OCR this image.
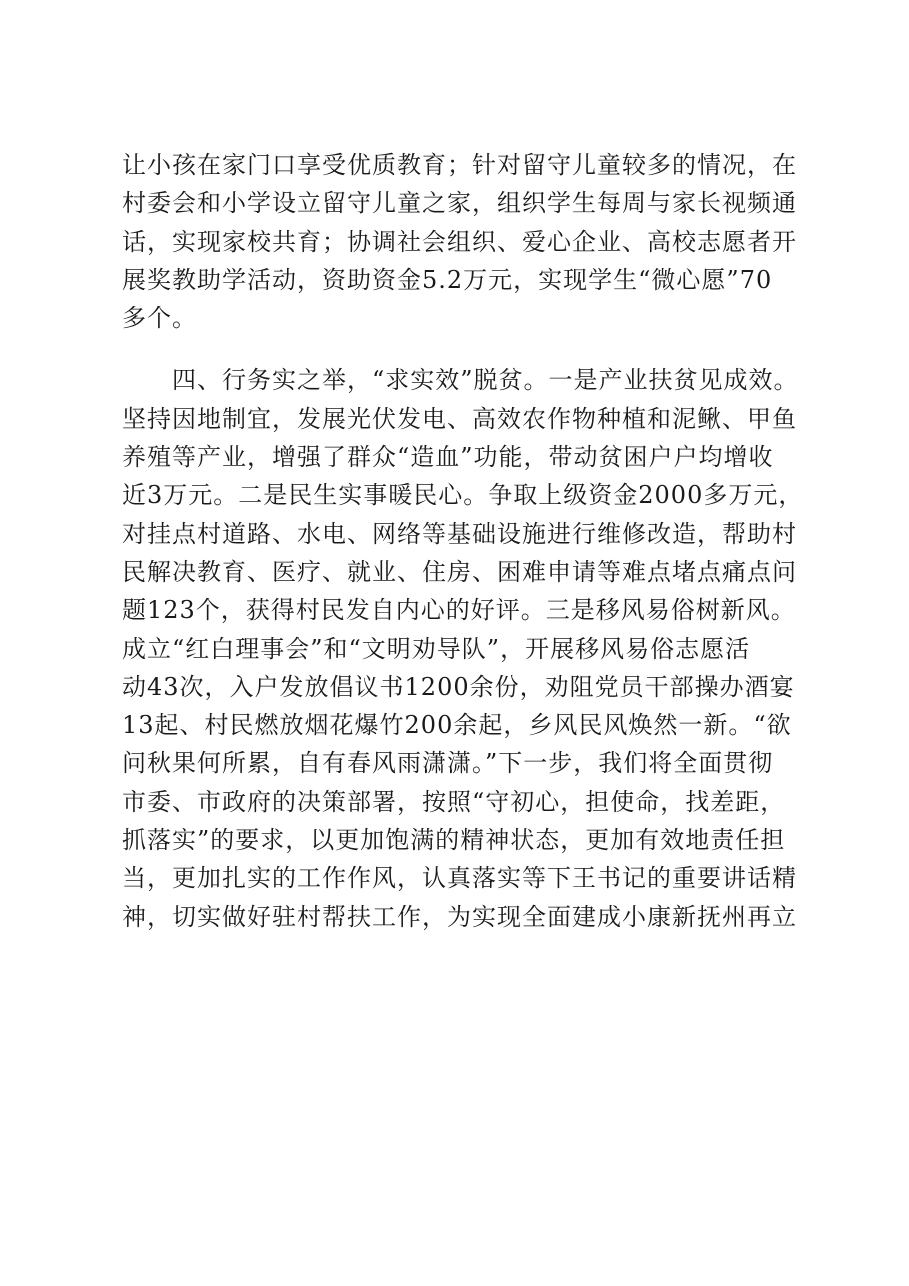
让小孩在家门口享受优质教育；针对留守儿童较多的情况，在
村委会和小学设立留守儿童之家，组织学生每周与家长视频通
话，实现家校共育；协调社会组织、爱心企业、高校志愿者开
展奖教助学活动，资助资金5.2万元，实现学生“微心愿”70
多个。
四、行务实之举，“求实效”脱贫。一是产业扶贫见成效。
坚持因地制宜，发展光伏发电、高效农作物种植和泥鳅、甲鱼
养殖等产业，增强了群众“造血”功能，带动贫困户户均增收
近3万元。二是民生实事暖民心。争取上级资金2000多万元，
对挂点村道路、水电、网络等基础设施进行维修改造，帮助村
民解决教育、医疗、就业、住房、困难申请等难点堵点痛点问
题123个，获得村民发自内心的好评。三是移风易俗树新风。
成立“红白理事会”和“文明劝导队”，开展移风易俗志愿活
动43次，入户发放倡议书1200余份，劝阻党员干部操办酒宴
13起、村民燃放烟花爆竹200余起，乡风民风焕然一新。“欲
问秋果何所累，自有春风雨潇潇。”下一步，我们将全面贯彻
市委、市政府的决策部署，按照“守初心，担使命，找差距，
抓落实”的要求，以更加饱满的精神状态，更加有效地责任担
当，更加扎实的工作作风，认真落实等下王书记的重要讲话精
神，切实做好驻村帮扶工作，为实现全面建成小康新抚州再立
